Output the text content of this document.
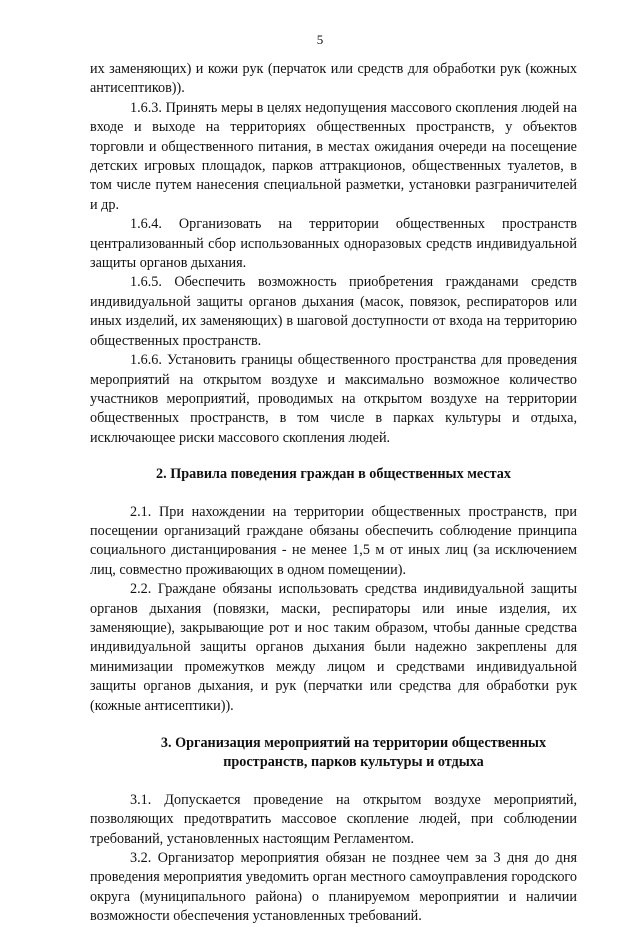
5

их заменяющих) и кожи рук (перчаток или средств для обработки рук (кожных антисептиков)).

1.6.3. Принять меры в целях недопущения массового скопления людей на входе и выходе на территориях общественных пространств, у объектов торговли и общественного питания, в местах ожидания очереди на посещение детских игровых площадок, парков аттракционов, общественных туалетов, в том числе путем нанесения специальной разметки, установки разграничителей и др.

1.6.4. Организовать на территории общественных пространств централизованный сбор использованных одноразовых средств индивидуальной защиты органов дыхания.

1.6.5. Обеспечить возможность приобретения гражданами средств индивидуальной защиты органов дыхания (масок, повязок, респираторов или иных изделий, их заменяющих) в шаговой доступности от входа на территорию общественных пространств.

1.6.6. Установить границы общественного пространства для проведения мероприятий на открытом воздухе и максимально возможное количество участников мероприятий, проводимых на открытом воздухе на территории общественных пространств, в том числе в парках культуры и отдыха, исключающее риски массового скопления людей.

2. Правила поведения граждан в общественных местах

2.1. При нахождении на территории общественных пространств, при посещении организаций граждане обязаны обеспечить соблюдение принципа социального дистанцирования - не менее 1,5 м от иных лиц (за исключением лиц, совместно проживающих в одном помещении).

2.2. Граждане обязаны использовать средства индивидуальной защиты органов дыхания (повязки, маски, респираторы или иные изделия, их заменяющие), закрывающие рот и нос таким образом, чтобы данные средства индивидуальной защиты органов дыхания были надежно закреплены для минимизации промежутков между лицом и средствами индивидуальной защиты органов дыхания, и рук (перчатки или средства для обработки рук (кожные антисептики)).

3. Организация мероприятий на территории общественных
пространств, парков культуры и отдыха

3.1. Допускается проведение на открытом воздухе мероприятий, позволяющих предотвратить массовое скопление людей, при соблюдении требований, установленных настоящим Регламентом.

3.2. Организатор мероприятия обязан не позднее чем за 3 дня до дня проведения мероприятия уведомить орган местного самоуправления городского округа (муниципального района) о планируемом мероприятии и наличии возможности обеспечения установленных требований.
